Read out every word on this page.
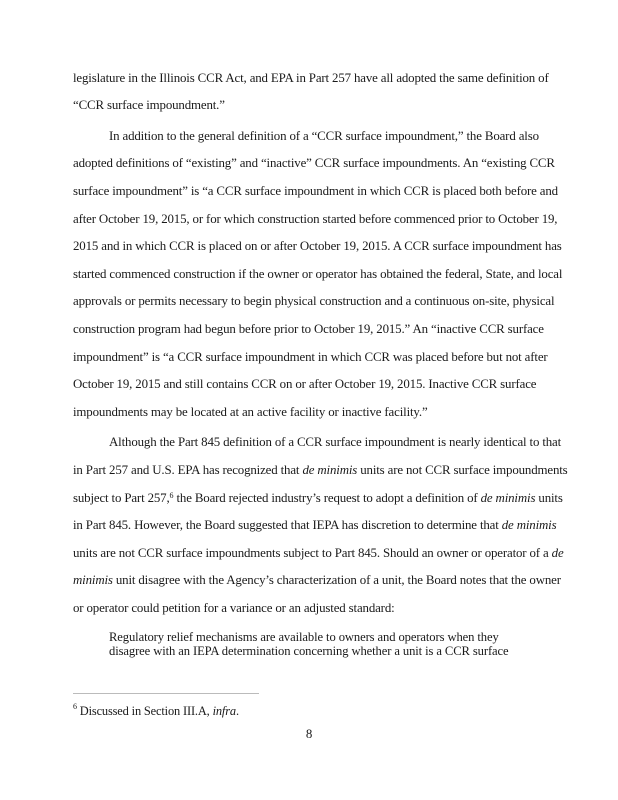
legislature in the Illinois CCR Act, and EPA in Part 257 have all adopted the same definition of
“CCR surface impoundment.”
In addition to the general definition of a “CCR surface impoundment,” the Board also
adopted definitions of “existing” and “inactive” CCR surface impoundments. An “existing CCR
surface impoundment” is “a CCR surface impoundment in which CCR is placed both before and
after October 19, 2015, or for which construction started before commenced prior to October 19,
2015 and in which CCR is placed on or after October 19, 2015. A CCR surface impoundment has
started commenced construction if the owner or operator has obtained the federal, State, and local
approvals or permits necessary to begin physical construction and a continuous on-site, physical
construction program had begun before prior to October 19, 2015.” An “inactive CCR surface
impoundment” is “a CCR surface impoundment in which CCR was placed before but not after
October 19, 2015 and still contains CCR on or after October 19, 2015. Inactive CCR surface
impoundments may be located at an active facility or inactive facility.”
Although the Part 845 definition of a CCR surface impoundment is nearly identical to that
in Part 257 and U.S. EPA has recognized that de minimis units are not CCR surface impoundments
subject to Part 257,$^6$ the Board rejected industry’s request to adopt a definition of de minimis units
in Part 845. However, the Board suggested that IEPA has discretion to determine that de minimis
units are not CCR surface impoundments subject to Part 845. Should an owner or operator of a de
minimis unit disagree with the Agency’s characterization of a unit, the Board notes that the owner
or operator could petition for a variance or an adjusted standard:
Regulatory relief mechanisms are available to owners and operators when they
disagree with an IEPA determination concerning whether a unit is a CCR surface
$^6$ Discussed in Section III.A, infra.
8
